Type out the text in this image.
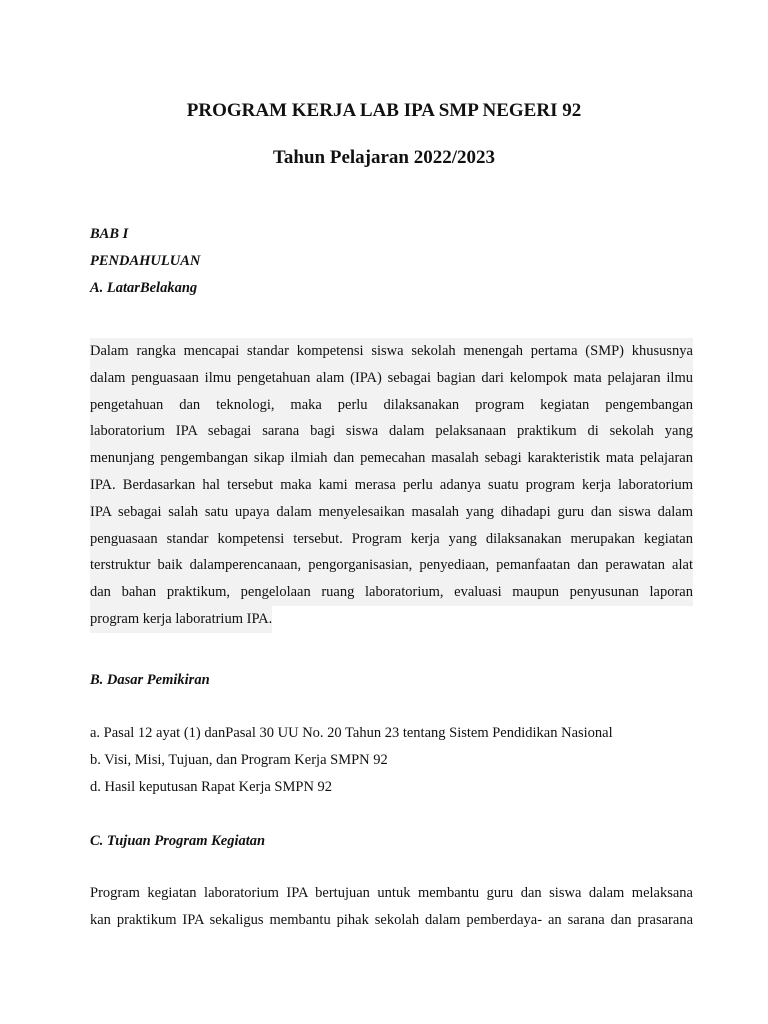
PROGRAM KERJA LAB IPA SMP NEGERI 92
Tahun Pelajaran 2022/2023

BAB I

PENDAHULUAN

A. LatarBelakang

Dalam rangka mencapai standar kompetensi siswa sekolah menengah pertama (SMP) khususnya
dalam penguasaan ilmu pengetahuan alam (IPA) sebagai bagian dari kelompok mata pelajaran ilmu
pengetahuan dan teknologi, maka perlu dilaksanakan program kegiatan pengembangan
laboratorium IPA sebagai sarana bagi siswa dalam pelaksanaan praktikum di sekolah yang
menunjang pengembangan sikap ilmiah dan pemecahan masalah sebagi karakteristik mata pelajaran
IPA. Berdasarkan hal tersebut maka kami merasa perlu adanya suatu program kerja laboratorium
IPA sebagai salah satu upaya dalam menyelesaikan masalah yang dihadapi guru dan siswa dalam
penguasaan standar kompetensi tersebut. Program kerja yang dilaksanakan merupakan kegiatan
terstruktur baik dalamperencanaan, pengorganisasian, penyediaan, pemanfaatan dan perawatan alat
dan bahan praktikum, pengelolaan ruang laboratorium, evaluasi maupun penyusunan laporan
program kerja laboratrium IPA.

B. Dasar Pemikiran

a. Pasal 12 ayat (1) danPasal 30 UU No. 20 Tahun 23 tentang Sistem Pendidikan Nasional
b. Visi, Misi, Tujuan, dan Program Kerja SMPN 92
d. Hasil keputusan Rapat Kerja SMPN 92

C. Tujuan Program Kegiatan

Program kegiatan laboratorium IPA bertujuan untuk membantu guru dan siswa dalam melaksana
kan praktikum IPA sekaligus membantu pihak sekolah dalam pemberdaya- an sarana dan prasarana
